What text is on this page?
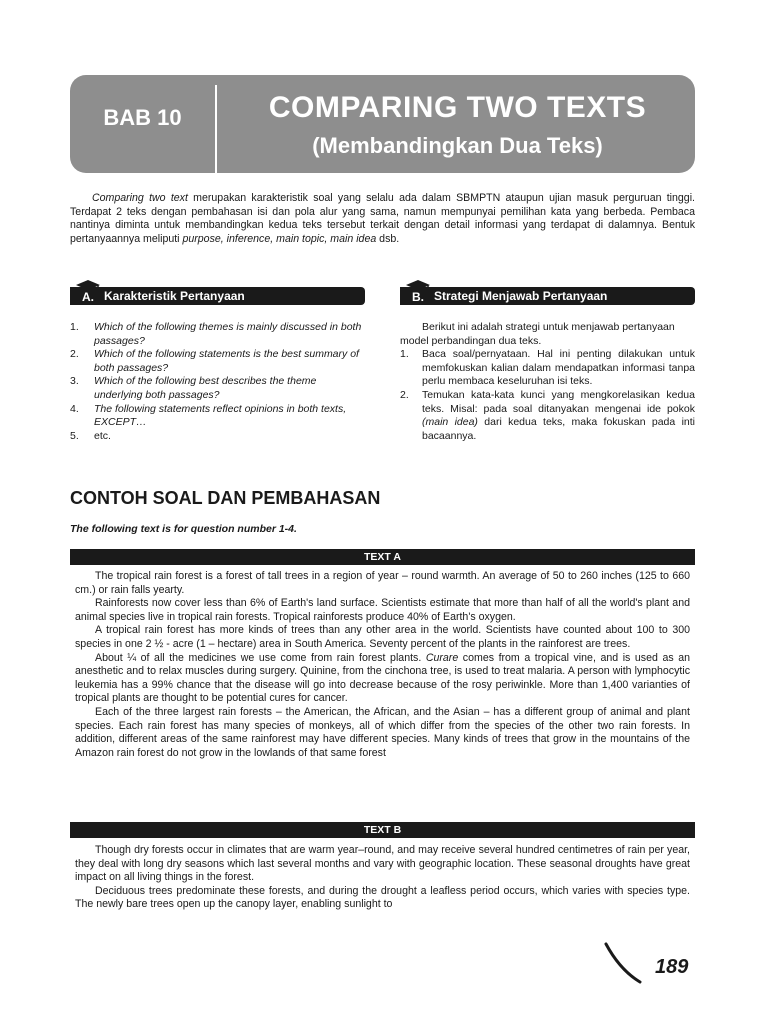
BAB 10	COMPARING TWO TEXTS
(Membandingkan Dua Teks)
Comparing two text merupakan karakteristik soal yang selalu ada dalam SBMPTN ataupun ujian masuk perguruan tinggi. Terdapat 2 teks dengan pembahasan isi dan pola alur yang sama, namun mempunyai pemilihan kata yang berbeda. Pembaca nantinya diminta untuk membandingkan kedua teks tersebut terkait dengan detail informasi yang terdapat di dalamnya. Bentuk pertanyaannya meliputi purpose, inference, main topic, main idea dsb.
A. Karakteristik Pertanyaan	B. Strategi Menjawab Pertanyaan
1. Which of the following themes is mainly discussed in both passages?
2. Which of the following statements is the best summary of both passages?
3. Which of the following best describes the theme underlying both passages?
4. The following statements reflect opinions in both texts, EXCEPT…
5. etc.

Berikut ini adalah strategi untuk menjawab pertanyaan model perbandingan dua teks.

1. Baca soal/pernyataan. Hal ini penting dilakukan untuk memfokuskan kalian dalam mendapatkan informasi tanpa perlu membaca keseluruhan isi teks.
2. Temukan kata-kata kunci yang mengkorelasikan kedua teks. Misal: pada soal ditanyakan mengenai ide pokok (main idea) dari kedua teks, maka fokuskan pada inti bacaannya.
CONTOH SOAL DAN PEMBAHASAN
The following text is for question number 1-4.
TEXT A

The tropical rain forest is a forest of tall trees in a region of year – round warmth. An average of 50 to 260 inches (125 to 660 cm.) or rain falls yearty.

Rainforests now cover less than 6% of Earth's land surface. Scientists estimate that more than half of all the world's plant and animal species live in tropical rain forests. Tropical rainforests produce 40% of Earth's oxygen.

A tropical rain forest has more kinds of trees than any other area in the world. Scientists have counted about 100 to 300 species in one 2 ½ - acre (1 – hectare) area in South America. Seventy percent of the plants in the rainforest are trees.

About ¼ of all the medicines we use come from rain forest plants. Curare comes from a tropical vine, and is used as an anesthetic and to relax muscles during surgery. Quinine, from the cinchona tree, is used to treat malaria. A person with lymphocytic leukemia has a 99% chance that the disease will go into decrease because of the rosy periwinkle. More than 1,400 varianties of tropical plants are thought to be potential cures for cancer.

Each of the three largest rain forests – the American, the African, and the Asian – has a different group of animal and plant species. Each rain forest has many species of monkeys, all of which differ from the species of the other two rain forests. In addition, different areas of the same rainforest may have different species. Many kinds of trees that grow in the mountains of the Amazon rain forest do not grow in the lowlands of that same forest

TEXT B

Though dry forests occur in climates that are warm year–round, and may receive several hundred centimetres of rain per year, they deal with long dry seasons which last several months and vary with geographic location. These seasonal droughts have great impact on all living things in the forest.

Deciduous trees predominate these forests, and during the drought a leafless period occurs, which varies with species type. The newly bare trees open up the canopy layer, enabling sunlight to

189
